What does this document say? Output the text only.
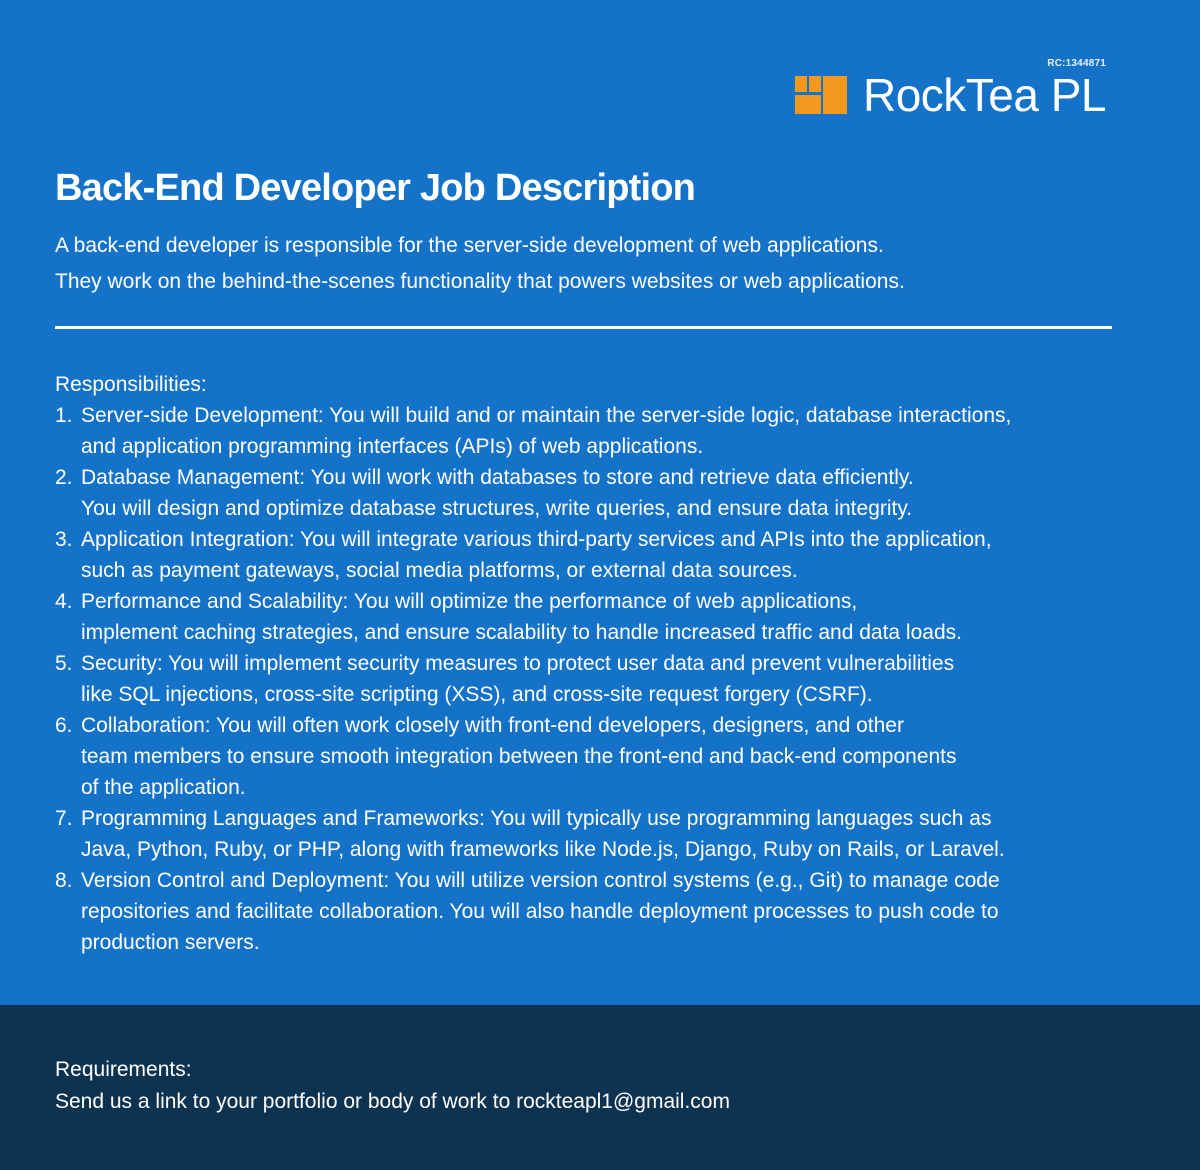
RC:1344871
RockTea PL
Back-End Developer Job Description
A back-end developer is responsible for the server-side development of web applications.
They work on the behind-the-scenes functionality that powers websites or web applications.
Responsibilities:
1. Server-side Development: You will build and or maintain the server-side logic, database interactions,
and application programming interfaces (APIs) of web applications.
2. Database Management: You will work with databases to store and retrieve data efficiently.
You will design and optimize database structures, write queries, and ensure data integrity.
3. Application Integration: You will integrate various third-party services and APIs into the application,
such as payment gateways, social media platforms, or external data sources.
4. Performance and Scalability: You will optimize the performance of web applications,
implement caching strategies, and ensure scalability to handle increased traffic and data loads.
5. Security: You will implement security measures to protect user data and prevent vulnerabilities
like SQL injections, cross-site scripting (XSS), and cross-site request forgery (CSRF).
6. Collaboration: You will often work closely with front-end developers, designers, and other
team members to ensure smooth integration between the front-end and back-end components
of the application.
7. Programming Languages and Frameworks: You will typically use programming languages such as
Java, Python, Ruby, or PHP, along with frameworks like Node.js, Django, Ruby on Rails, or Laravel.
8. Version Control and Deployment: You will utilize version control systems (e.g., Git) to manage code
repositories and facilitate collaboration. You will also handle deployment processes to push code to
production servers.
Requirements:
Send us a link to your portfolio or body of work to rockteapl1@gmail.com
